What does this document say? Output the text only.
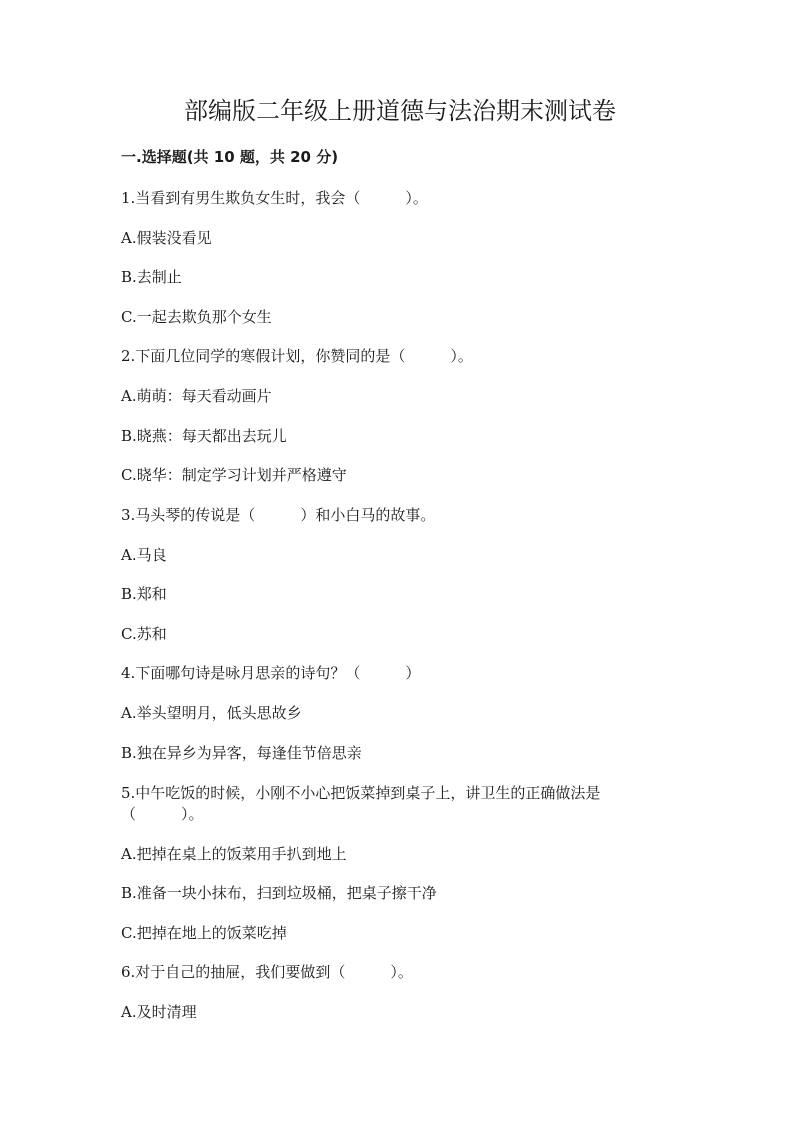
部编版二年级上册道德与法治期末测试卷
一.选择题(共 10 题，共 20 分)
1.当看到有男生欺负女生时，我会（　　　）。
A.假装没看见
B.去制止
C.一起去欺负那个女生
2.下面几位同学的寒假计划，你赞同的是（　　　）。
A.萌萌：每天看动画片
B.晓燕：每天都出去玩儿
C.晓华：制定学习计划并严格遵守
3.马头琴的传说是（　　　）和小白马的故事。
A.马良
B.郑和
C.苏和
4.下面哪句诗是咏月思亲的诗句？（　　　）
A.举头望明月，低头思故乡
B.独在异乡为异客，每逢佳节倍思亲
5.中午吃饭的时候，小刚不小心把饭菜掉到桌子上，讲卫生的正确做法是
（　　　）。
A.把掉在桌上的饭菜用手扒到地上
B.准备一块小抹布，扫到垃圾桶，把桌子擦干净
C.把掉在地上的饭菜吃掉
6.对于自己的抽屉，我们要做到（　　　）。
A.及时清理
